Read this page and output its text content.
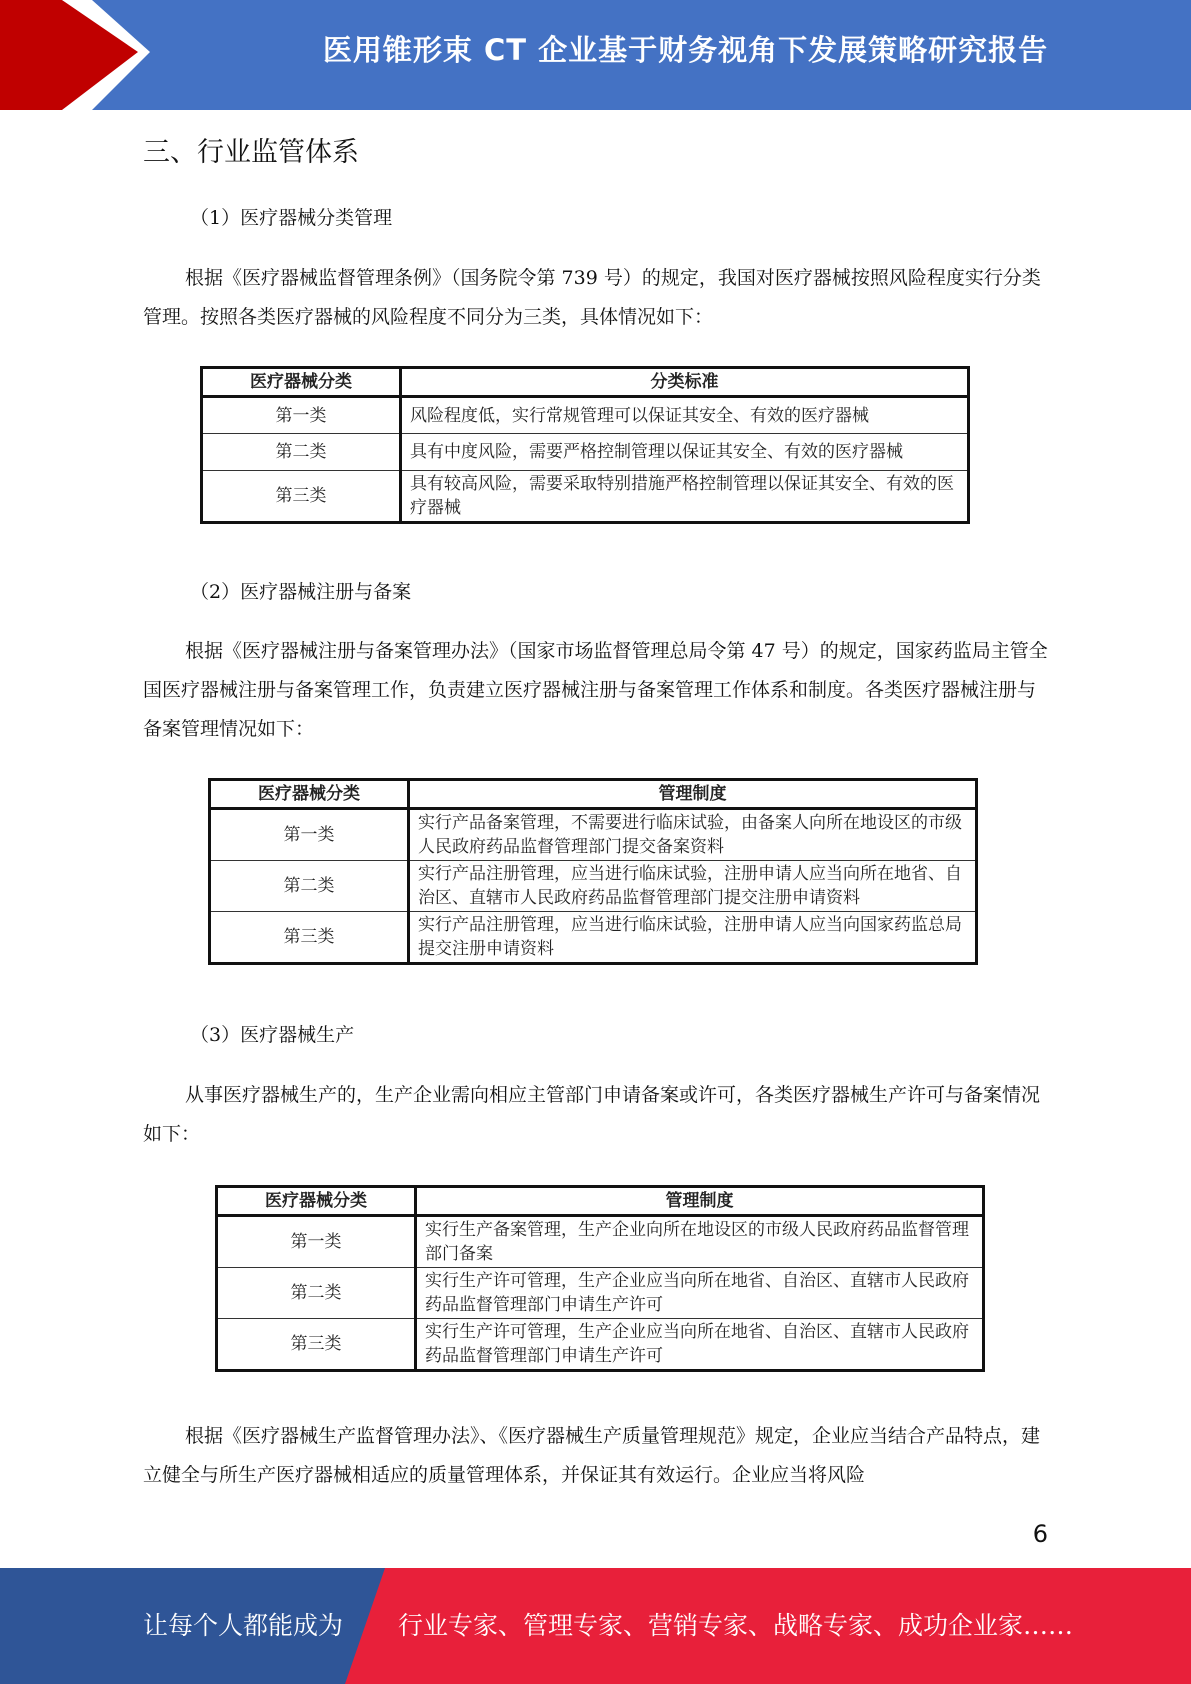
医用锥形束 CT 企业基于财务视角下发展策略研究报告
三、行业监管体系
（1）医疗器械分类管理
根据《医疗器械监督管理条例》（国务院令第 739 号）的规定，我国对医疗器械按照风险程度实行分类管理。按照各类医疗器械的风险程度不同分为三类，具体情况如下：
医疗器械分类	分类标准
第一类	风险程度低，实行常规管理可以保证其安全、有效的医疗器械
第二类	具有中度风险，需要严格控制管理以保证其安全、有效的医疗器械
第三类	具有较高风险，需要采取特别措施严格控制管理以保证其安全、有效的医疗器械
（2）医疗器械注册与备案
根据《医疗器械注册与备案管理办法》（国家市场监督管理总局令第 47 号）的规定，国家药监局主管全国医疗器械注册与备案管理工作，负责建立医疗器械注册与备案管理工作体系和制度。各类医疗器械注册与备案管理情况如下：
医疗器械分类	管理制度
第一类	实行产品备案管理，不需要进行临床试验，由备案人向所在地设区的市级人民政府药品监督管理部门提交备案资料
第二类	实行产品注册管理，应当进行临床试验，注册申请人应当向所在地省、自治区、直辖市人民政府药品监督管理部门提交注册申请资料
第三类	实行产品注册管理，应当进行临床试验，注册申请人应当向国家药监总局提交注册申请资料
（3）医疗器械生产
从事医疗器械生产的，生产企业需向相应主管部门申请备案或许可，各类医疗器械生产许可与备案情况如下：
医疗器械分类	管理制度
第一类	实行生产备案管理，生产企业向所在地设区的市级人民政府药品监督管理部门备案
第二类	实行生产许可管理，生产企业应当向所在地省、自治区、直辖市人民政府药品监督管理部门申请生产许可
第三类	实行生产许可管理，生产企业应当向所在地省、自治区、直辖市人民政府药品监督管理部门申请生产许可
根据《医疗器械生产监督管理办法》、《医疗器械生产质量管理规范》规定，企业应当结合产品特点，建立健全与所生产医疗器械相适应的质量管理体系，并保证其有效运行。企业应当将风险
6
让每个人都能成为 行业专家、管理专家、营销专家、战略专家、成功企业家……
